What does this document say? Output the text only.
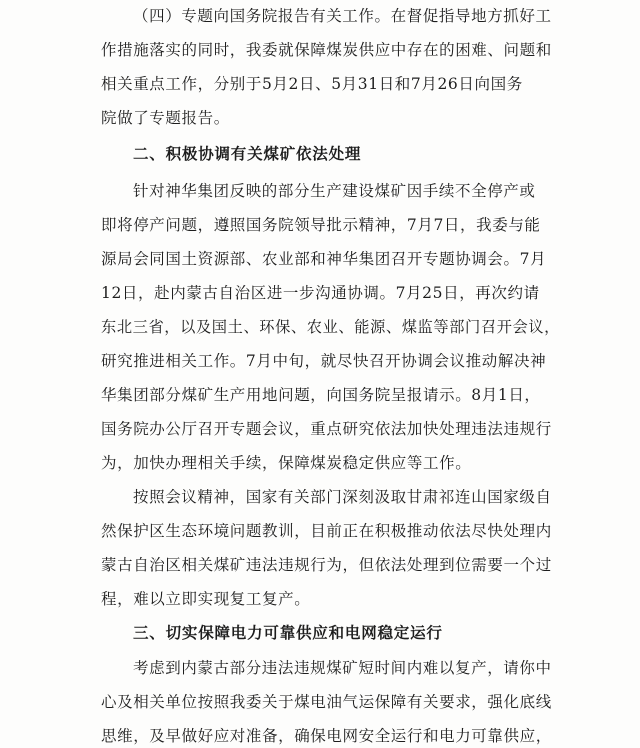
（四）专题向国务院报告有关工作。在督促指导地方抓好工
作措施落实的同时，我委就保障煤炭供应中存在的困难、问题和
相关重点工作，分别于5月2日、5月31日和7月26日向国务
院做了专题报告。
二、积极协调有关煤矿依法处理
针对神华集团反映的部分生产建设煤矿因手续不全停产或
即将停产问题，遵照国务院领导批示精神，7月7日，我委与能
源局会同国土资源部、农业部和神华集团召开专题协调会。7月
12日，赴内蒙古自治区进一步沟通协调。7月25日，再次约请
东北三省，以及国土、环保、农业、能源、煤监等部门召开会议，
研究推进相关工作。7月中旬，就尽快召开协调会议推动解决神
华集团部分煤矿生产用地问题，向国务院呈报请示。8月1日，
国务院办公厅召开专题会议，重点研究依法加快处理违法违规行
为，加快办理相关手续，保障煤炭稳定供应等工作。
按照会议精神，国家有关部门深刻汲取甘肃祁连山国家级自
然保护区生态环境问题教训，目前正在积极推动依法尽快处理内
蒙古自治区相关煤矿违法违规行为，但依法处理到位需要一个过
程，难以立即实现复工复产。
三、切实保障电力可靠供应和电网稳定运行
考虑到内蒙古部分违法违规煤矿短时间内难以复产，请你中
心及相关单位按照我委关于煤电油气运保障有关要求，强化底线
思维，及早做好应对准备，确保电网安全运行和电力可靠供应，
